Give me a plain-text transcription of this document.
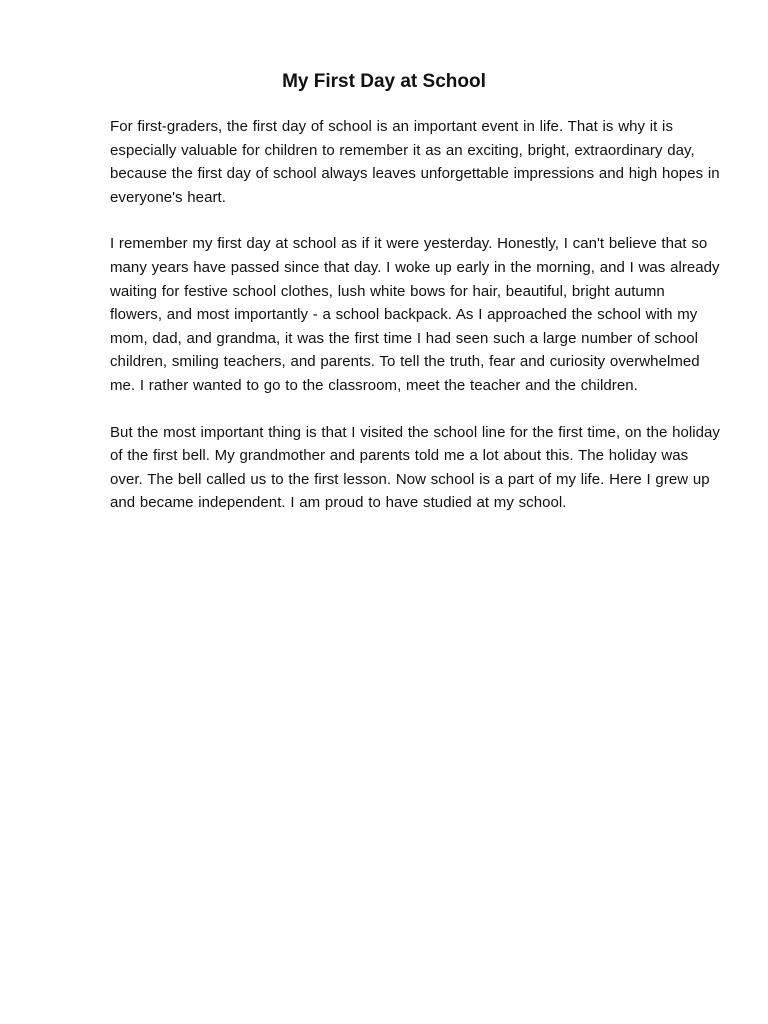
My First Day at School

For first-graders, the first day of school is an important event in life. That is why it is especially valuable for children to remember it as an exciting, bright, extraordinary day, because the first day of school always leaves unforgettable impressions and high hopes in everyone's heart.

I remember my first day at school as if it were yesterday. Honestly, I can't believe that so many years have passed since that day. I woke up early in the morning, and I was already waiting for festive school clothes, lush white bows for hair, beautiful, bright autumn flowers, and most importantly - a school backpack. As I approached the school with my mom, dad, and grandma, it was the first time I had seen such a large number of school children, smiling teachers, and parents. To tell the truth, fear and curiosity overwhelmed me. I rather wanted to go to the classroom, meet the teacher and the children.

But the most important thing is that I visited the school line for the first time, on the holiday of the first bell. My grandmother and parents told me a lot about this. The holiday was over. The bell called us to the first lesson. Now school is a part of my life. Here I grew up and became independent. I am proud to have studied at my school.
